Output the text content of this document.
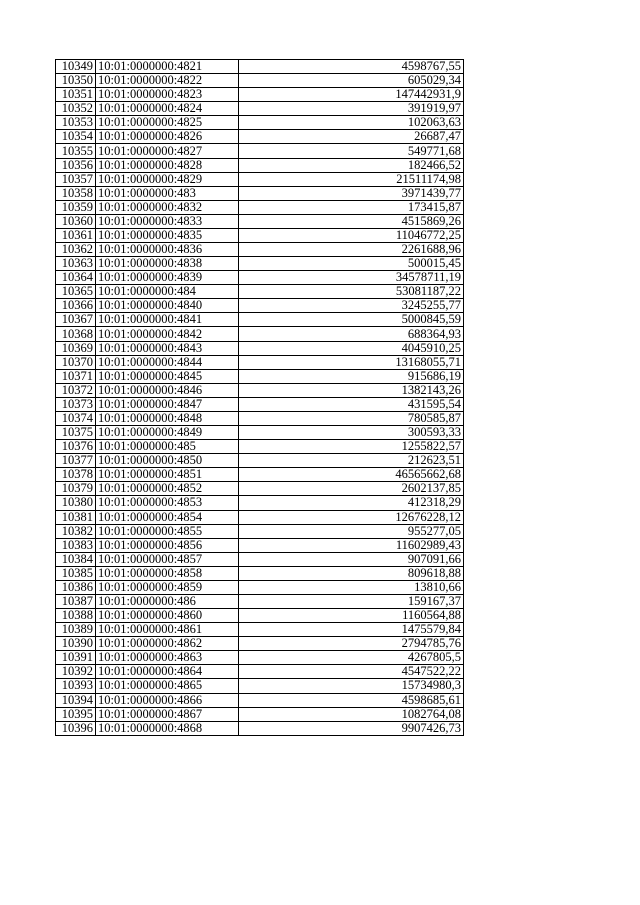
10349	10:01:0000000:4821	4598767,55
10350	10:01:0000000:4822	605029,34
10351	10:01:0000000:4823	147442931,9
10352	10:01:0000000:4824	391919,97
10353	10:01:0000000:4825	102063,63
10354	10:01:0000000:4826	26687,47
10355	10:01:0000000:4827	549771,68
10356	10:01:0000000:4828	182466,52
10357	10:01:0000000:4829	21511174,98
10358	10:01:0000000:483	3971439,77
10359	10:01:0000000:4832	173415,87
10360	10:01:0000000:4833	4515869,26
10361	10:01:0000000:4835	11046772,25
10362	10:01:0000000:4836	2261688,96
10363	10:01:0000000:4838	500015,45
10364	10:01:0000000:4839	34578711,19
10365	10:01:0000000:484	53081187,22
10366	10:01:0000000:4840	3245255,77
10367	10:01:0000000:4841	5000845,59
10368	10:01:0000000:4842	688364,93
10369	10:01:0000000:4843	4045910,25
10370	10:01:0000000:4844	13168055,71
10371	10:01:0000000:4845	915686,19
10372	10:01:0000000:4846	1382143,26
10373	10:01:0000000:4847	431595,54
10374	10:01:0000000:4848	780585,87
10375	10:01:0000000:4849	300593,33
10376	10:01:0000000:485	1255822,57
10377	10:01:0000000:4850	212623,51
10378	10:01:0000000:4851	46565662,68
10379	10:01:0000000:4852	2602137,85
10380	10:01:0000000:4853	412318,29
10381	10:01:0000000:4854	12676228,12
10382	10:01:0000000:4855	955277,05
10383	10:01:0000000:4856	11602989,43
10384	10:01:0000000:4857	907091,66
10385	10:01:0000000:4858	809618,88
10386	10:01:0000000:4859	13810,66
10387	10:01:0000000:486	159167,37
10388	10:01:0000000:4860	1160564,88
10389	10:01:0000000:4861	1475579,84
10390	10:01:0000000:4862	2794785,76
10391	10:01:0000000:4863	4267805,5
10392	10:01:0000000:4864	4547522,22
10393	10:01:0000000:4865	15734980,3
10394	10:01:0000000:4866	4598685,61
10395	10:01:0000000:4867	1082764,08
10396	10:01:0000000:4868	9907426,73
